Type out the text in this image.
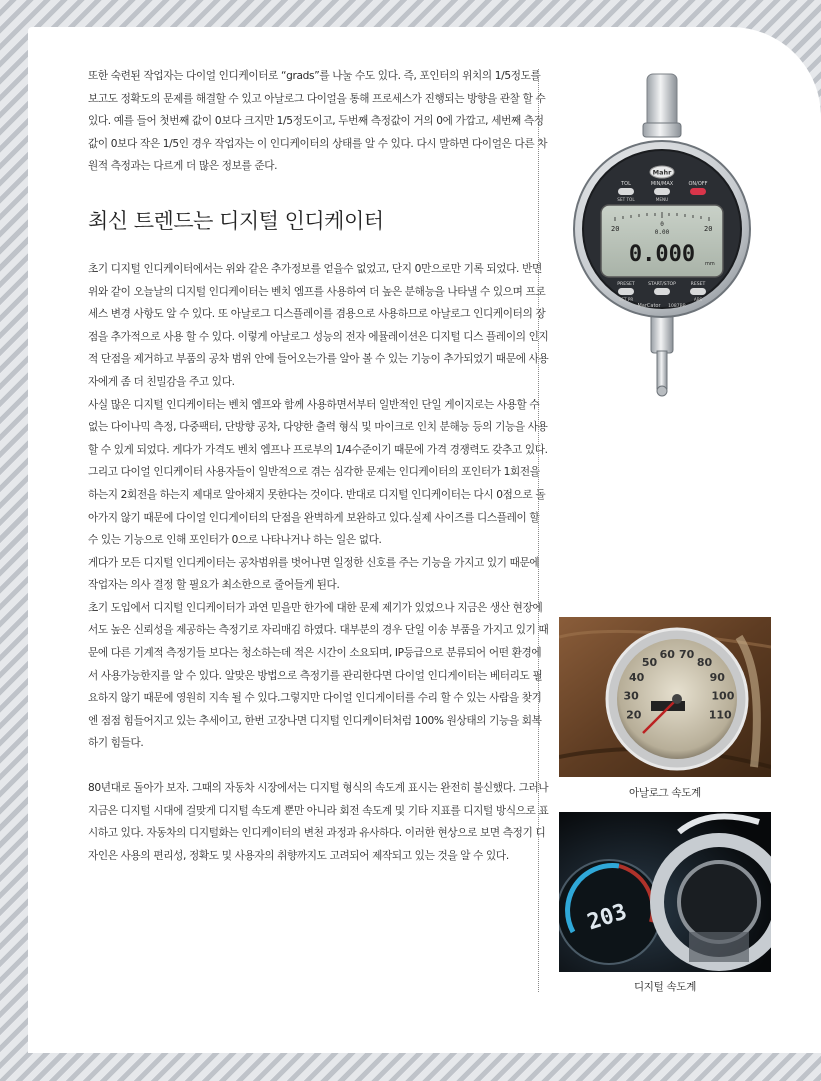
또한 숙련된 작업자는 다이얼 인디케이터로 “grads”를 나눌 수도 있다. 즉, 포인터의 위치의 1/5정도를 보고도 정확도의 문제를 해결할 수 있고 아날로그 다이얼을 통해 프로세스가 진행되는 방향을 관찰 할 수 있다. 예를 들어 첫번째 값이 0보다 크지만 1/5정도이고, 두번째 측정값이 거의 0에 가깝고, 세번째 측정값이 0보다 작은 1/5인 경우 작업자는 이 인디케이터의 상태를 알 수 있다. 다시 말하면 다이얼은 다른 차원적 측정과는 다르게 더 많은 정보를 준다.

최신 트렌드는 디지털 인디케이터

초기 디지털 인디케이터에서는 위와 같은 추가정보를 얻을수 없었고, 단지 0만으로만 기록 되었다. 반면 위와 같이 오늘날의 디지털 인디케이터는 벤치 엠프를 사용하여 더 높은 분해능을 나타낼 수 있으며 프로세스 변경 사항도 알 수 있다. 또 아날로그 디스플레이를 겸용으로 사용하므로 아날로그 인디케이터의 장점을 추가적으로 사용 할 수 있다. 이렇게 아날로그 성능의 전자 에뮬레이션은 디지털 디스 플레이의 인지적 단점을 제거하고 부품의 공차 범위 안에 들어오는가를 알아 볼 수 있는 기능이 추가되었기 때문에 사용자에게 좀 더 친밀감을 주고 있다.

사실 많은 디지털 인디케이터는 벤치 엠프와 함께 사용하면서부터 일반적인 단일 게이지로는 사용할 수 없는 다이나믹 측정, 다중팩터, 단방향 공차, 다양한 출력 형식 및 마이크로 인치 분해능 등의 기능을 사용 할 수 있게 되었다. 게다가 가격도 벤치 엠프나 프로부의 1/4수준이기 때문에 가격 경쟁력도 갖추고 있다.

그리고 다이얼 인디케이터 사용자들이 일반적으로 겪는 심각한 문제는 인디케이터의 포인터가 1회전을 하는지 2회전을 하는지 제대로 알아채지 못한다는 것이다. 반대로 디지털 인디케이터는 다시 0점으로 돌아가지 않기 때문에 다이얼 인디게이터의 단점을 완벽하게 보완하고 있다.실제 사이즈를 디스플레이 할 수 있는 기능으로 인해 포인터가 0으로 나타나거나 하는 일은 없다.

게다가 모든 디지털 인디케이터는 공차범위를 벗어나면 일정한 신호를 주는 기능을 가지고 있기 때문에 작업자는 의사 결정 할 필요가 최소한으로 줄어들게 된다.

초기 도입에서 디지털 인디케이터가 과연 믿을만 한가에 대한 문제 제기가 있었으나 지금은 생산 현장에서도 높은 신뢰성을 제공하는 측정기로 자리매김 하였다. 대부분의 경우 단일 이송 부품을 가지고 있기 때문에 다른 기계적 측정기들 보다는 청소하는데 적은 시간이 소요되며, IP등급으로 분류되어 어떤 환경에서 사용가능한지를 알 수 있다. 알맞은 방법으로 측정기를 관리한다면 다이얼 인디게이터는 베터리도 필요하지 않기 때문에 영원히 지속 될 수 있다.그렇지만 다이얼 인디게이터를 수리 할 수 있는 사람을 찾기엔 점점 힘들어지고 있는 추세이고, 한번 고장나면 디지털 인디케이터처럼 100% 원상태의 기능을 회복하기 힘들다.

80년대로 돌아가 보자. 그때의 자동차 시장에서는 디지털 형식의 속도계 표시는 완전히 불신했다. 그러나 지금은 디지털 시대에 걸맞게 디지털 속도계 뿐만 아니라 회전 속도계 및 기타 지표를 디지털 방식으로 표시하고 있다. 자동차의 디지털화는 인디케이터의 변천 과정과 유사하다. 이러한 현상으로 보면 측정기 디자인은 사용의 편리성, 정확도 및 사용자의 취향까지도 고려되어 제작되고 있는 것을 알 수 있다.

Mahr
TOL	MIN/MAX	ON/OFF
SET TOL	MENU
20	20
0
0.00
0.000 mm
PRESET	START/STOP	RESET
SET PR	ABS
MarCator 1087BR
20
30
40
50
60 70
80
90
100
110
아날로그 속도계
203
디지털 속도계
